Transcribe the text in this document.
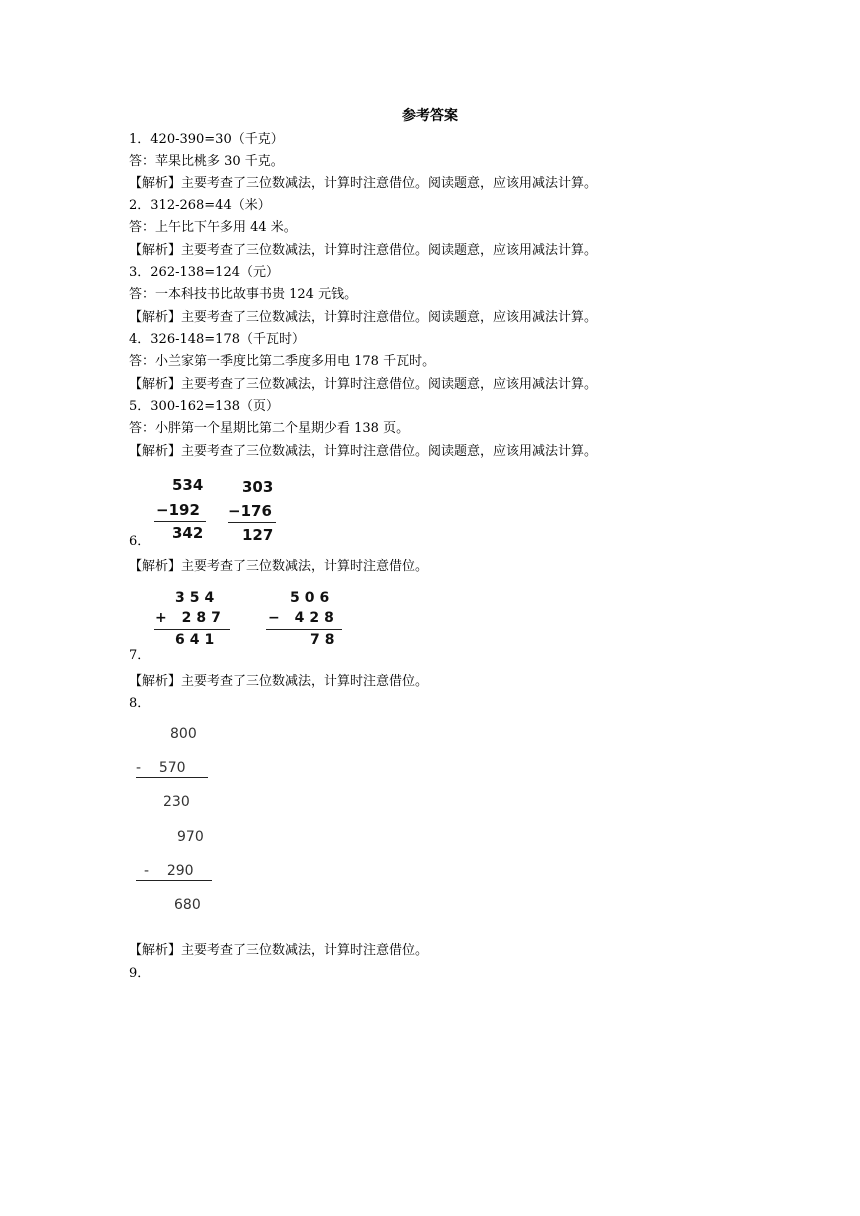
参考答案
1．420-390=30（千克）
答：苹果比桃多 30 千克。
【解析】主要考查了三位数减法，计算时注意借位。阅读题意，应该用减法计算。
2．312-268=44（米）
答：上午比下午多用 44 米。
【解析】主要考查了三位数减法，计算时注意借位。阅读题意，应该用减法计算。
3．262-138=124（元）
答：一本科技书比故事书贵 124 元钱。
【解析】主要考查了三位数减法，计算时注意借位。阅读题意，应该用减法计算。
4．326-148=178（千瓦时）
答：小兰家第一季度比第二季度多用电 178 千瓦时。
【解析】主要考查了三位数减法，计算时注意借位。阅读题意，应该用减法计算。
5．300-162=138（页）
答：小胖第一个星期比第二个星期少看 138 页。
【解析】主要考查了三位数减法，计算时注意借位。阅读题意，应该用减法计算。
534
−192
342
303
−176
127
6．
【解析】主要考查了三位数减法，计算时注意借位。
354
+ 287
641
506
− 428
78
7．
【解析】主要考查了三位数减法，计算时注意借位。
8．
800
-    570
230
970
-    290
680
【解析】主要考查了三位数减法，计算时注意借位。
9．
